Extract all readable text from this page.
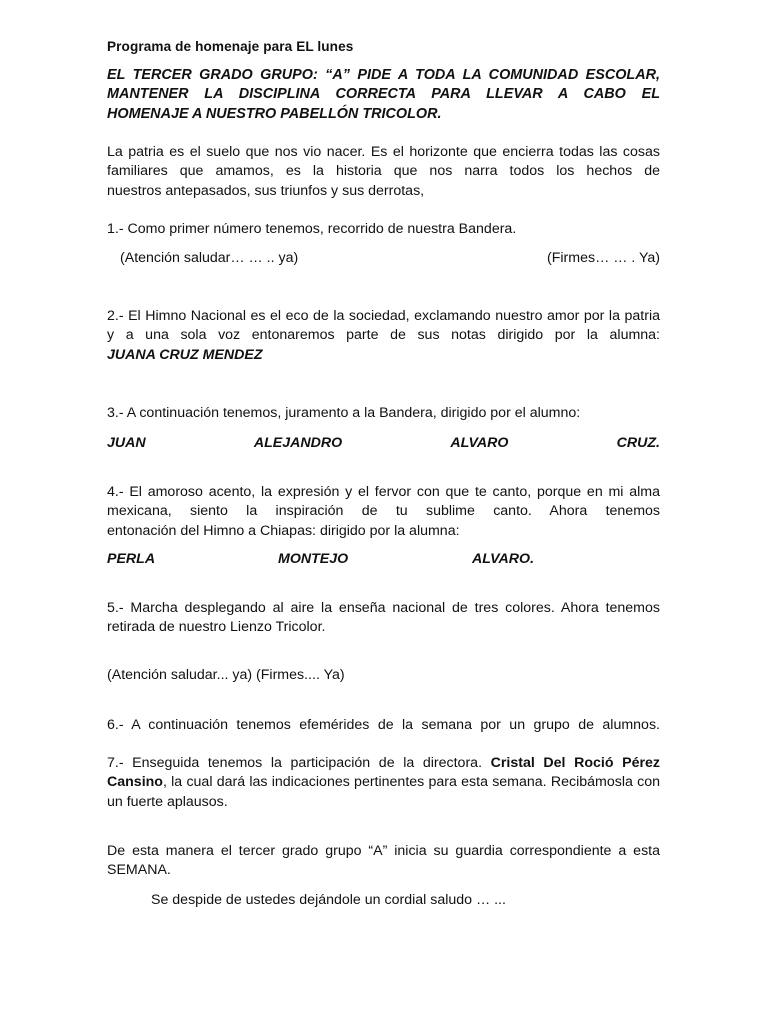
Programa de homenaje para EL lunes
EL TERCER GRADO GRUPO: “A” PIDE A TODA LA COMUNIDAD ESCOLAR,
MANTENER LA DISCIPLINA CORRECTA PARA LLEVAR A CABO EL
HOMENAJE A NUESTRO PABELLÓN TRICOLOR.
La patria es el suelo que nos vio nacer. Es el horizonte que encierra todas las cosas familiares que amamos, es la historia que nos narra todos los hechos de
nuestros antepasados, sus triunfos y sus derrotas,
1.- Como primer número tenemos, recorrido de nuestra Bandera.
(Atención saludar… … .. ya)	(Firmes… … . Ya)
2.- El Himno Nacional es el eco de la sociedad, exclamando nuestro amor por la patria y a una sola voz entonaremos parte de sus notas dirigido por la alumna:
JUANA CRUZ MENDEZ
3.- A continuación tenemos, juramento a la Bandera, dirigido por el alumno:
JUAN	ALEJANDRO	ALVARO	CRUZ.
4.- El amoroso acento, la expresión y el fervor con que te canto, porque en mi alma mexicana, siento la inspiración de tu sublime canto. Ahora tenemos
entonación del Himno a Chiapas: dirigido por la alumna:
PERLA	MONTEJO	ALVARO.
5.- Marcha desplegando al aire la enseña nacional de tres colores. Ahora tenemos retirada de nuestro Lienzo Tricolor.
(Atención saludar... ya) (Firmes.... Ya)
6.- A continuación tenemos efemérides de la semana por un grupo de alumnos.
7.- Enseguida tenemos la participación de la directora. Cristal Del Roció Pérez Cansino, la cual dará las indicaciones pertinentes para esta semana. Recibámosla con un fuerte aplausos.
De esta manera el tercer grado grupo “A” inicia su guardia correspondiente a esta SEMANA.
Se despide de ustedes dejándole un cordial saludo … ...
